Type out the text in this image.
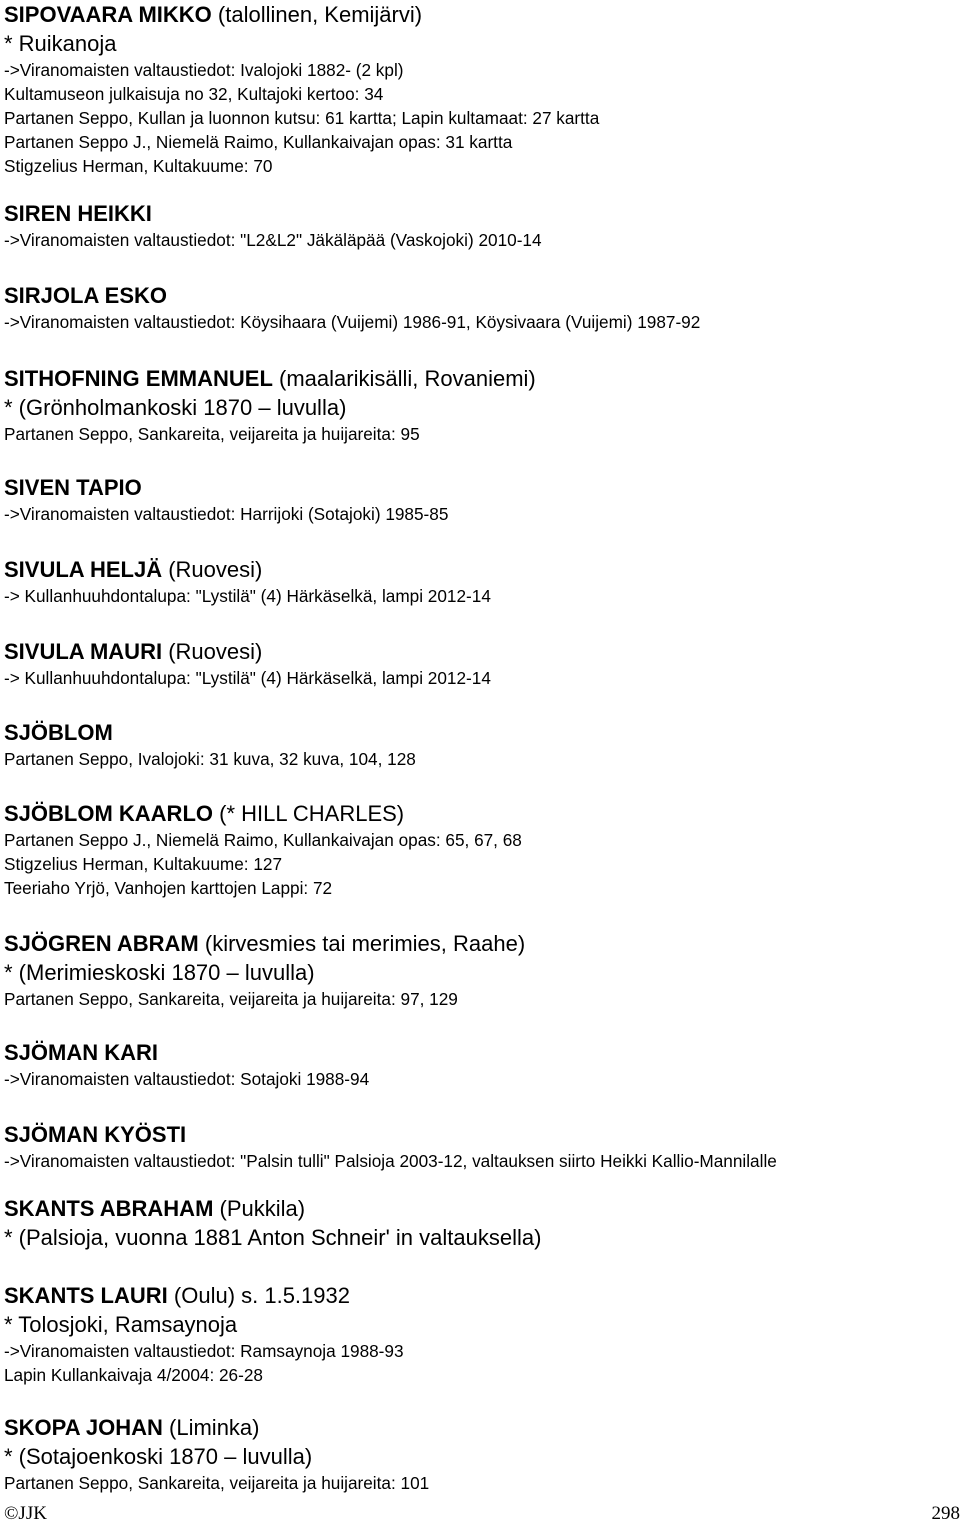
SIPOVAARA MIKKO (talollinen, Kemijärvi)
* Ruikanoja
->Viranomaisten valtaustiedot: Ivalojoki 1882- (2 kpl)
Kultamuseon julkaisuja no 32, Kultajoki kertoo: 34
Partanen Seppo, Kullan ja luonnon kutsu: 61 kartta; Lapin kultamaat: 27 kartta
Partanen Seppo J., Niemelä Raimo, Kullankaivajan opas: 31 kartta
Stigzelius Herman, Kultakuume: 70
SIREN HEIKKI
->Viranomaisten valtaustiedot: "L2&L2" Jäkäläpää (Vaskojoki) 2010-14
SIRJOLA ESKO
->Viranomaisten valtaustiedot: Köysihaara (Vuijemi) 1986-91, Köysivaara (Vuijemi) 1987-92
SITHOFNING EMMANUEL (maalarikisälli, Rovaniemi)
* (Grönholmankoski 1870 – luvulla)
Partanen Seppo, Sankareita, veijareita ja huijareita: 95
SIVEN TAPIO
->Viranomaisten valtaustiedot: Harrijoki (Sotajoki) 1985-85
SIVULA HELJÄ (Ruovesi)
-> Kullanhuuhdontalupa: "Lystilä" (4) Härkäselkä, lampi 2012-14
SIVULA MAURI (Ruovesi)
-> Kullanhuuhdontalupa: "Lystilä" (4) Härkäselkä, lampi 2012-14
SJÖBLOM
Partanen Seppo, Ivalojoki: 31 kuva, 32 kuva, 104, 128
SJÖBLOM KAARLO (* HILL CHARLES)
Partanen Seppo J., Niemelä Raimo, Kullankaivajan opas: 65, 67, 68
Stigzelius Herman, Kultakuume: 127
Teeriaho Yrjö, Vanhojen karttojen Lappi: 72
SJÖGREN ABRAM (kirvesmies tai merimies, Raahe)
* (Merimieskoski 1870 – luvulla)
Partanen Seppo, Sankareita, veijareita ja huijareita: 97, 129
SJÖMAN KARI
->Viranomaisten valtaustiedot: Sotajoki 1988-94
SJÖMAN KYÖSTI
->Viranomaisten valtaustiedot: "Palsin tulli" Palsioja 2003-12, valtauksen siirto Heikki Kallio-Mannilalle
SKANTS ABRAHAM (Pukkila)
* (Palsioja, vuonna 1881 Anton Schneir' in valtauksella)
SKANTS LAURI (Oulu) s. 1.5.1932
* Tolosjoki, Ramsaynoja
->Viranomaisten valtaustiedot: Ramsaynoja 1988-93
Lapin Kullankaivaja 4/2004: 26-28
SKOPA JOHAN (Liminka)
* (Sotajoenkoski 1870 – luvulla)
Partanen Seppo, Sankareita, veijareita ja huijareita: 101
©JJK	298
